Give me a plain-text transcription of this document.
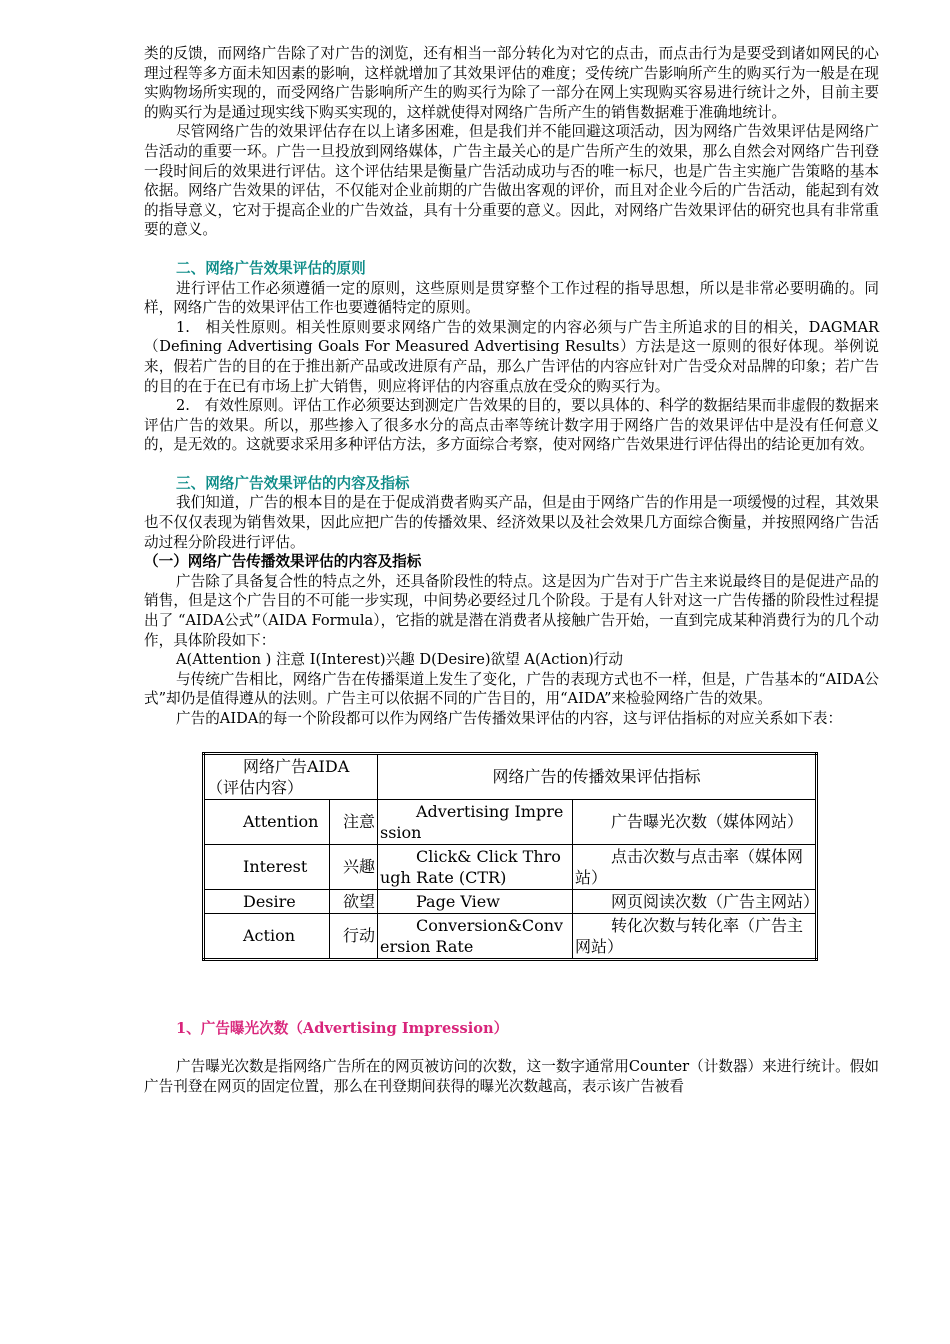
类的反馈，而网络广告除了对广告的浏览，还有相当一部分转化为对它的点击，而点击行为是要受到诸如网民的心理过程等多方面未知因素的影响，这样就增加了其效果评估的难度；受传统广告影响所产生的购买行为一般是在现实购物场所实现的，而受网络广告影响所产生的购买行为除了一部分在网上实现购买容易进行统计之外，目前主要的购买行为是通过现实线下购买实现的，这样就使得对网络广告所产生的销售数据难于准确地统计。

尽管网络广告的效果评估存在以上诸多困难，但是我们并不能回避这项活动，因为网络广告效果评估是网络广告活动的重要一环。广告一旦投放到网络媒体，广告主最关心的是广告所产生的效果，那么自然会对网络广告刊登一段时间后的效果进行评估。这个评估结果是衡量广告活动成功与否的唯一标尺，也是广告主实施广告策略的基本依据。网络广告效果的评估，不仅能对企业前期的广告做出客观的评价，而且对企业今后的广告活动，能起到有效的指导意义，它对于提高企业的广告效益，具有十分重要的意义。因此，对网络广告效果评估的研究也具有非常重要的意义。

二、网络广告效果评估的原则

进行评估工作必须遵循一定的原则，这些原则是贯穿整个工作过程的指导思想，所以是非常必要明确的。同样，网络广告的效果评估工作也要遵循特定的原则。

1.　相关性原则。相关性原则要求网络广告的效果测定的内容必须与广告主所追求的目的相关，DAGMAR（Defining Advertising Goals For Measured Advertising Results）方法是这一原则的很好体现。举例说来，假若广告的目的在于推出新产品或改进原有产品，那么广告评估的内容应针对广告受众对品牌的印象；若广告的目的在于在已有市场上扩大销售，则应将评估的内容重点放在受众的购买行为。

2.　有效性原则。评估工作必须要达到测定广告效果的目的，要以具体的、科学的数据结果而非虚假的数据来评估广告的效果。所以，那些掺入了很多水分的高点击率等统计数字用于网络广告的效果评估中是没有任何意义的，是无效的。这就要求采用多种评估方法，多方面综合考察，使对网络广告效果进行评估得出的结论更加有效。

三、网络广告效果评估的内容及指标

我们知道，广告的根本目的是在于促成消费者购买产品，但是由于网络广告的作用是一项缓慢的过程，其效果也不仅仅表现为销售效果，因此应把广告的传播效果、经济效果以及社会效果几方面综合衡量，并按照网络广告活动过程分阶段进行评估。

（一）网络广告传播效果评估的内容及指标

广告除了具备复合性的特点之外，还具备阶段性的特点。这是因为广告对于广告主来说最终目的是促进产品的销售，但是这个广告目的不可能一步实现，中间势必要经过几个阶段。于是有人针对这一广告传播的阶段性过程提出了 “AIDA公式”（AIDA Formula），它指的就是潜在消费者从接触广告开始，一直到完成某种消费行为的几个动作，具体阶段如下：

A(Attention ) 注意 I(Interest)兴趣 D(Desire)欲望 A(Action)行动

与传统广告相比，网络广告在传播渠道上发生了变化，广告的表现方式也不一样，但是，广告基本的“AIDA公式”却仍是值得遵从的法则。广告主可以依据不同的广告目的，用“AIDA”来检验网络广告的效果。

广告的AIDA的每一个阶段都可以作为网络广告传播效果评估的内容，这与评估指标的对应关系如下表：

网络广告AIDA（评估内容）		网络广告的传播效果评估指标	
Attention	注意	Advertising Impression	广告曝光次数（媒体网站）
Interest	兴趣	Click& Click Through Rate (CTR)	点击次数与点击率（媒体网站）
Desire	欲望	Page View	网页阅读次数（广告主网站）
Action	行动	Conversion&Conversion Rate	转化次数与转化率（广告主网站）

1、广告曝光次数（Advertising Impression）

广告曝光次数是指网络广告所在的网页被访问的次数，这一数字通常用Counter（计数器）来进行统计。假如广告刊登在网页的固定位置，那么在刊登期间获得的曝光次数越高，表示该广告被看
